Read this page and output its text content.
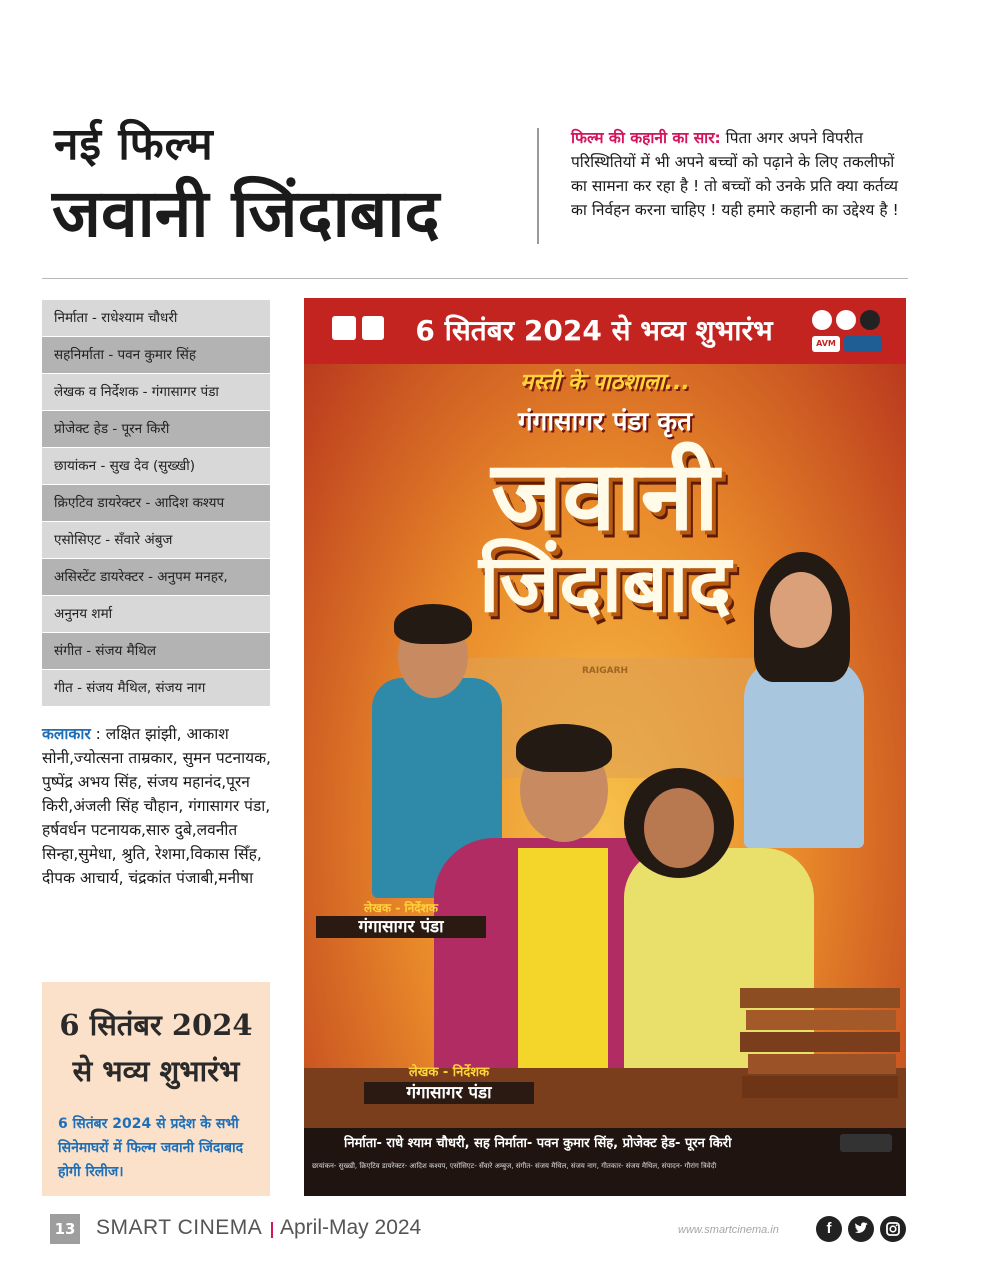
नई फिल्म
जवानी जिंदाबाद
फिल्म की कहानी का सार: पिता अगर अपने विपरीत परिस्थितियों में भी अपने बच्चों को पढ़ाने के लिए तकलीफों का सामना कर रहा है ! तो बच्चों को उनके प्रति क्या कर्तव्य का निर्वहन करना चाहिए ! यही हमारे कहानी का उद्देश्य है !
निर्माता - राधेश्याम चौधरी
सहनिर्माता - पवन कुमार सिंह
लेखक व निर्देशक - गंगासागर पंडा
प्रोजेक्ट हेड - पूरन किरी
छायांकन - सुख देव (सुख्खी)
क्रिएटिव डायरेक्टर - आदिश कश्यप
एसोसिएट - सँवारे अंबुज
असिस्टेंट डायरेक्टर - अनुपम मनहर,
अनुनय शर्मा
संगीत - संजय मैथिल
गीत - संजय मैथिल, संजय नाग
कलाकार : लक्षित झांझी, आकाश सोनी,ज्योत्सना ताम्रकार, सुमन पटनायक, पुष्पेंद्र अभय सिंह, संजय महानंद,पूरन किरी,अंजली सिंह चौहान, गंगासागर पंडा, हर्षवर्धन पटनायक,सारु दुबे,लवनीत सिन्हा,सुमेधा, श्रुति, रेशमा,विकास सिँह, दीपक आचार्य, चंद्रकांत पंजाबी,मनीषा
6 सितंबर 2024
से भव्य शुभारंभ
6 सितंबर 2024 से प्रदेश के सभी सिनेमाघरों में फिल्म जवानी जिंदाबाद होगी रिलीज।
6 सितंबर 2024 से भव्य शुभारंभ	AVM
मस्ती के पाठशाला...
गंगासागर पंडा कृत
जवानी
जिंदाबाद
RAIGARH
लेखक - निर्देशक
गंगासागर पंडा
लेखक - निर्देशक
गंगासागर पंडा
निर्माता- राधे श्याम चौधरी, सह निर्माता- पवन कुमार सिंह, प्रोजेक्ट हेड- पूरन किरी
छायांकन- सुख्खी, क्रिएटिव डायरेक्टर- आदिश कश्यप, एसोसिएट- सँवारे अम्बुज, संगीत- संजय मैथिल, संजय नाग, गीतकार- संजय मैथिल, संपादन- गौरांग त्रिवेदी
13 SMART CINEMA April-May 2024	www.smartcinema.in	f
